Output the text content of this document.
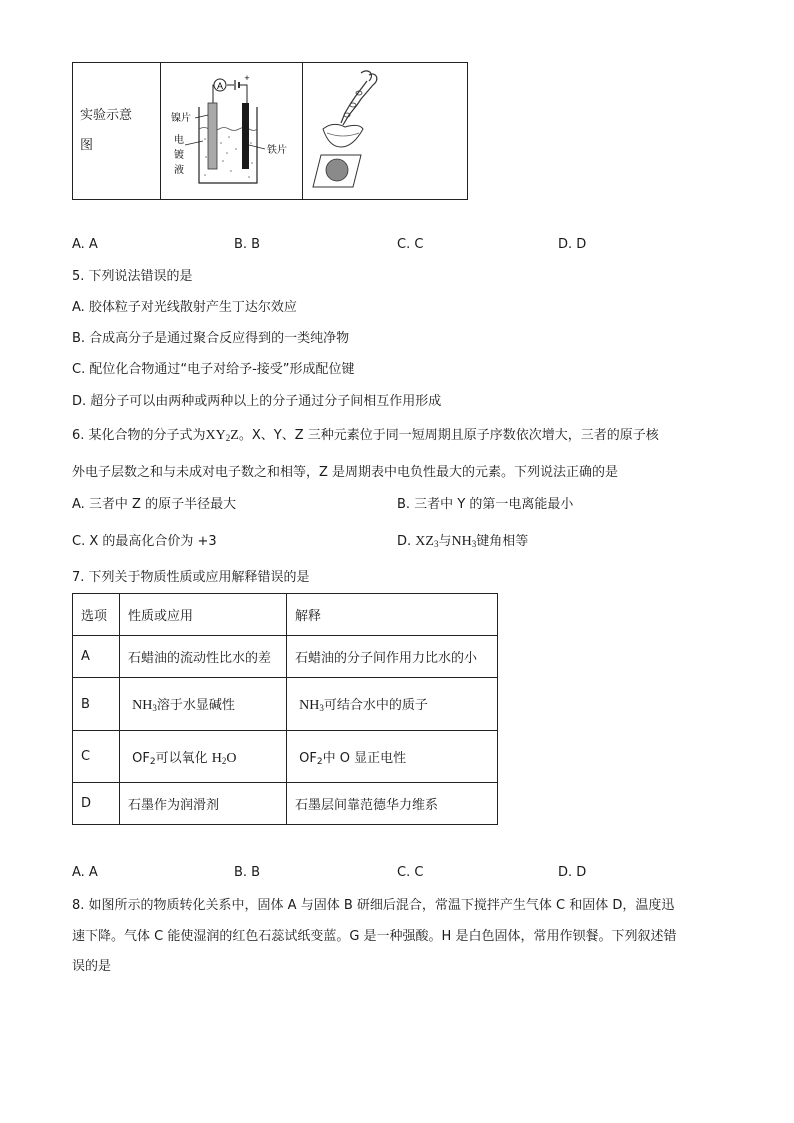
实验示意
图

A
+
镍片
电
镀
液
铁片

A. A	B. B	C. C	D. D
5. 下列说法错误的是
A. 胶体粒子对光线散射产生丁达尔效应
B. 合成高分子是通过聚合反应得到的一类纯净物
C. 配位化合物通过“电子对给予-接受”形成配位键
D. 超分子可以由两种或两种以上的分子通过分子间相互作用形成
6. 某化合物的分子式为$XY_2Z$。X、Y、Z 三种元素位于同一短周期且原子序数依次增大，三者的原子核
外电子层数之和与未成对电子数之和相等，Z 是周期表中电负性最大的元素。下列说法正确的是
A. 三者中 Z 的原子半径最大	B. 三者中 Y 的第一电离能最小
C. X 的最高化合价为 +3	D. $XZ_3$与$NH_3$键角相等
7. 下列关于物质性质或应用解释错误的是
选项	性质或应用	解释
A	石蜡油的流动性比水的差	石蜡油的分子间作用力比水的小
B	$NH_3$溶于水显碱性	$NH_3$可结合水中的质子
C	$OF_2$可以氧化 $H_2O$	$OF_2$中 O 显正电性
D	石墨作为润滑剂	石墨层间靠范德华力维系
A. A	B. B	C. C	D. D
8. 如图所示的物质转化关系中，固体 A 与固体 B 研细后混合，常温下搅拌产生气体 C 和固体 D，温度迅
速下降。气体 C 能使湿润的红色石蕊试纸变蓝。G 是一种强酸。H 是白色固体，常用作钡餐。下列叙述错
误的是
